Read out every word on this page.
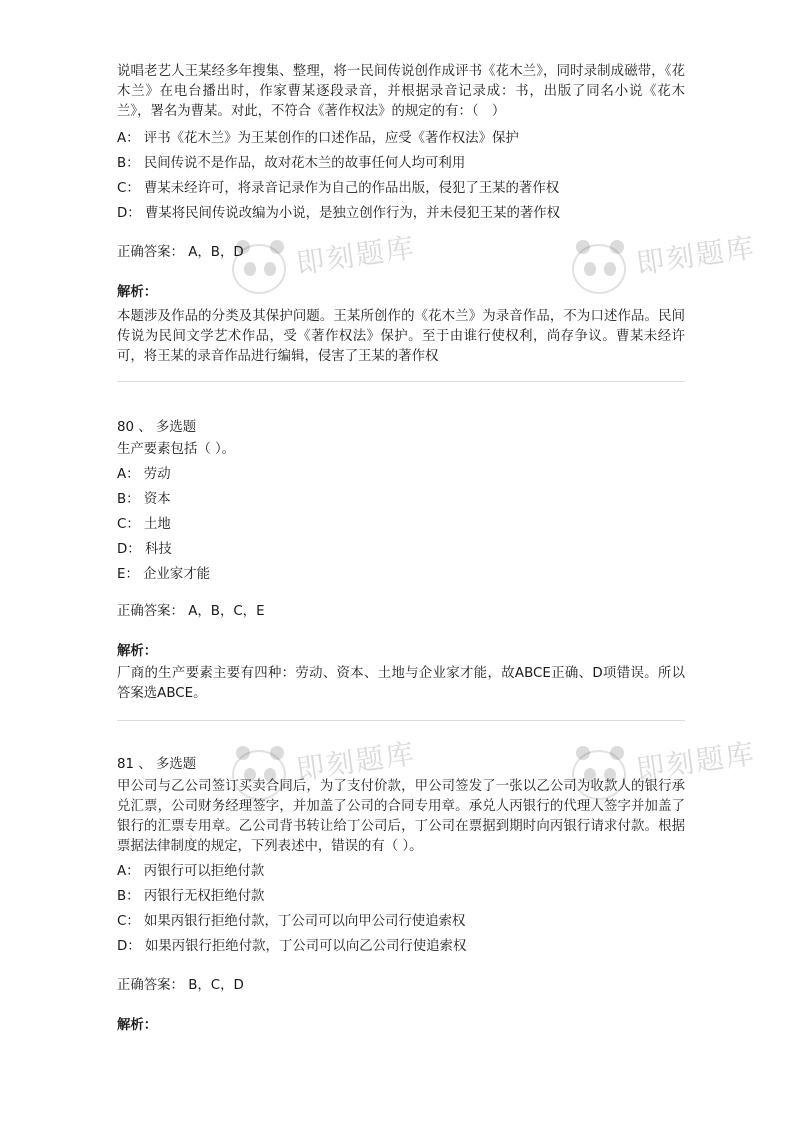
即刻题库	即刻题库
即刻题库	即刻题库

说唱老艺人王某经多年搜集、整理，将一民间传说创作成评书《花木兰》，同时录制成磁带，《花木兰》在电台播出时，作家曹某逐段录音，并根据录音记录成：书，出版了同名小说《花木兰》，署名为曹某。对此，不符合《著作权法》的规定的有：（　）

A： 评书《花木兰》为王某创作的口述作品，应受《著作权法》保护

B： 民间传说不是作品，故对花木兰的故事任何人均可利用

C： 曹某未经许可，将录音记录作为自己的作品出版，侵犯了王某的著作权

D： 曹某将民间传说改编为小说，是独立创作行为，并未侵犯王某的著作权

正确答案： A，B，D

解析：

本题涉及作品的分类及其保护问题。王某所创作的《花木兰》为录音作品，不为口述作品。民间传说为民间文学艺术作品，受《著作权法》保护。至于由谁行使权利，尚存争议。曹某未经许可，将王某的录音作品进行编辑，侵害了王某的著作权

80 、 多选题

生产要素包括（ ）。

A： 劳动

B： 资本

C： 土地

D： 科技

E： 企业家才能

正确答案： A，B，C，E

解析：

厂商的生产要素主要有四种：劳动、资本、土地与企业家才能，故ABCE正确、D项错误。所以答案选ABCE。

81 、 多选题

甲公司与乙公司签订买卖合同后，为了支付价款，甲公司签发了一张以乙公司为收款人的银行承兑汇票，公司财务经理签字，并加盖了公司的合同专用章。承兑人丙银行的代理人签字并加盖了银行的汇票专用章。乙公司背书转让给丁公司后，丁公司在票据到期时向丙银行请求付款。根据票据法律制度的规定，下列表述中，错误的有（ ）。

A： 丙银行可以拒绝付款

B： 丙银行无权拒绝付款

C： 如果丙银行拒绝付款，丁公司可以向甲公司行使追索权

D： 如果丙银行拒绝付款，丁公司可以向乙公司行使追索权

正确答案： B，C，D

解析：
